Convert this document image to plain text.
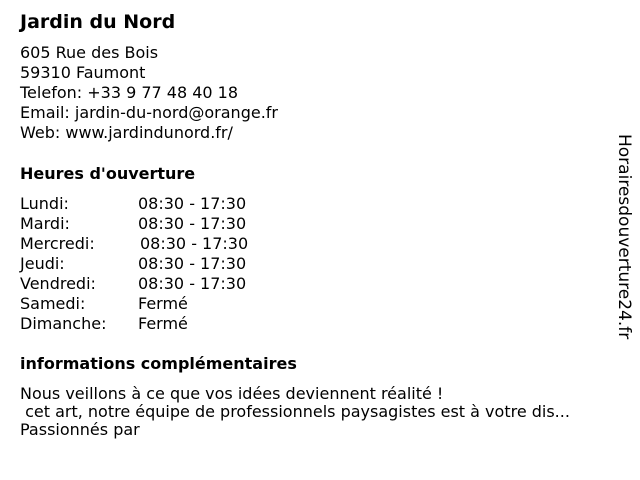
Jardin du Nord
605 Rue des Bois
59310 Faumont
Telefon: +33 9 77 48 40 18
Email: jardin-du-nord@orange.fr
Web: www.jardindunord.fr/
Heures d'ouverture
Lundi:	08:30 - 17:30
Mardi:	08:30 - 17:30
Mercredi:	08:30 - 17:30
Jeudi:	08:30 - 17:30
Vendredi:	08:30 - 17:30
Samedi:	Fermé
Dimanche: Fermé
informations complémentaires
Nous veillons à ce que vos idées deviennent réalité !
cet art, notre équipe de professionnels paysagistes est à votre dis...
Passionnés par
Horairesdouverture24.fr
